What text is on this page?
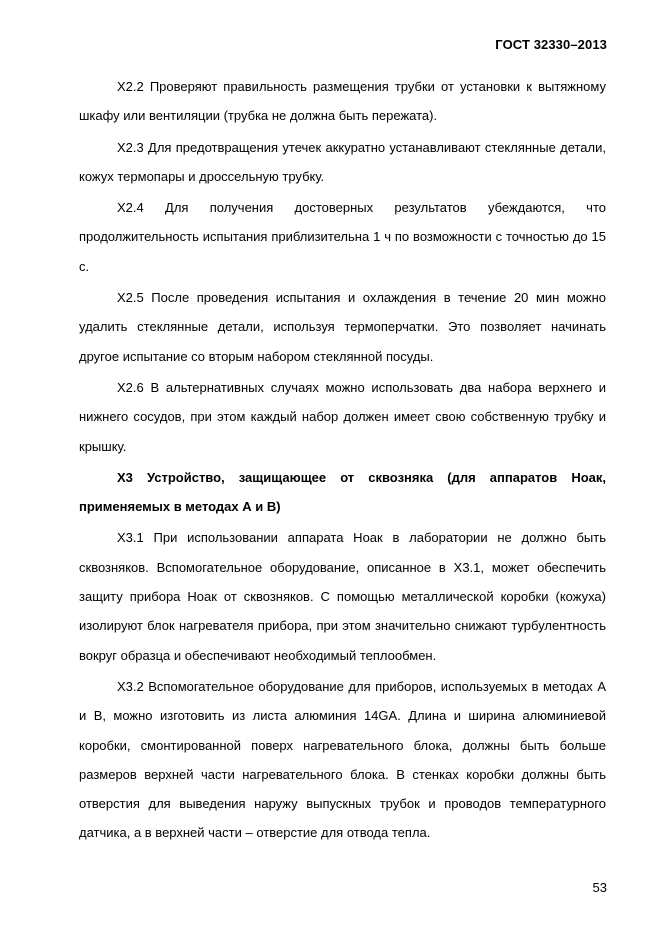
ГОСТ 32330–2013

Х2.2 Проверяют правильность размещения трубки от установки к вытяжному шкафу или вентиляции (трубка не должна быть пережата).

Х2.3 Для предотвращения утечек аккуратно устанавливают стеклянные детали, кожух термопары и дроссельную трубку.

Х2.4 Для получения достоверных результатов убеждаются, что продолжительность испытания приблизительна 1 ч по возможности с точностью до 15 с.

Х2.5 После проведения испытания и охлаждения в течение 20 мин можно удалить стеклянные детали, используя термоперчатки. Это позволяет начинать другое испытание со вторым набором стеклянной посуды.

Х2.6 В альтернативных случаях можно использовать два набора верхнего и нижнего сосудов, при этом каждый набор должен имеет свою собственную трубку и крышку.

Х3 Устройство, защищающее от сквозняка (для аппаратов Ноак, применяемых в методах А и В)

Х3.1 При использовании аппарата Ноак в лаборатории не должно быть сквозняков. Вспомогательное оборудование, описанное в Х3.1, может обеспечить защиту прибора Ноак от сквозняков. С помощью металлической коробки (кожуха) изолируют блок нагревателя прибора, при этом значительно снижают турбулентность вокруг образца и обеспечивают необходимый теплообмен.

Х3.2 Вспомогательное оборудование для приборов, используемых в методах А и В, можно изготовить из листа алюминия 14GA. Длина и ширина алюминиевой коробки, смонтированной поверх нагревательного блока, должны быть больше размеров верхней части нагревательного блока. В стенках коробки должны быть отверстия для выведения наружу выпускных трубок и проводов температурного датчика, а в верхней части – отверстие для отвода тепла.

53
